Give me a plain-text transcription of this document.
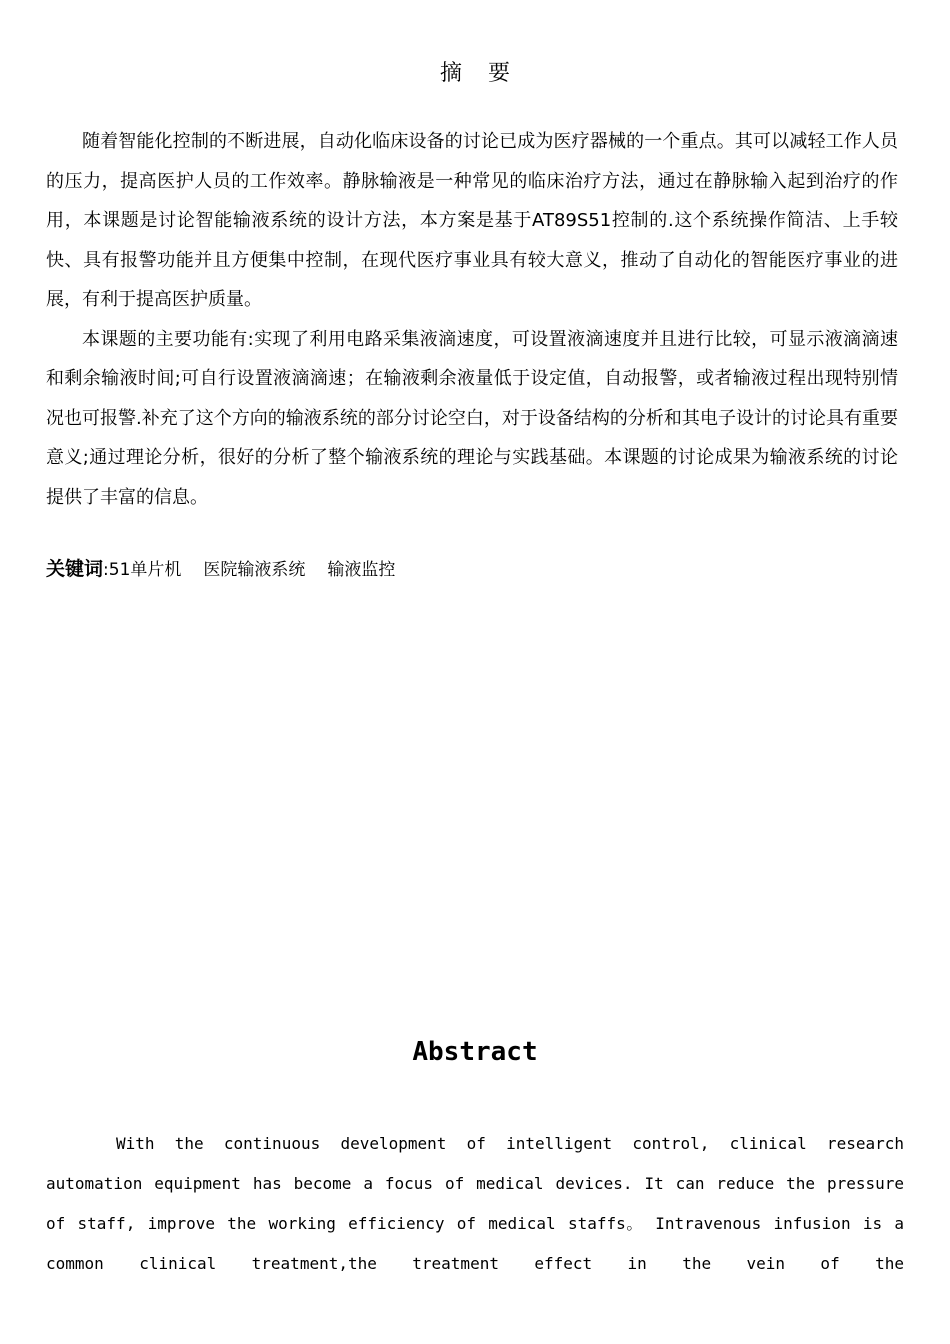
摘要

随着智能化控制的不断进展，自动化临床设备的讨论已成为医疗器械的一个重点。其可以减轻工作人员的压力，提高医护人员的工作效率。静脉输液是一种常见的临床治疗方法，通过在静脉输入起到治疗的作用，本课题是讨论智能输液系统的设计方法，本方案是基于AT89S51控制的.这个系统操作简洁、上手较快、具有报警功能并且方便集中控制，在现代医疗事业具有较大意义，推动了自动化的智能医疗事业的进展，有利于提高医护质量。

本课题的主要功能有:实现了利用电路采集液滴速度，可设置液滴速度并且进行比较，可显示液滴滴速和剩余输液时间;可自行设置液滴滴速；在输液剩余液量低于设定值，自动报警，或者输液过程出现特别情况也可报警.补充了这个方向的输液系统的部分讨论空白，对于设备结构的分析和其电子设计的讨论具有重要意义;通过理论分析，很好的分析了整个输液系统的理论与实践基础。本课题的讨论成果为输液系统的讨论提供了丰富的信息。

关键词:51单片机 医院输液系统 输液监控
Abstract

With the continuous development of intelligent control, clinical research automation equipment has become a focus of medical devices. It can reduce the pressure of staff, improve the working efficiency of medical staffs。 Intravenous infusion is a common clinical treatment,the treatment effect in the vein of the
